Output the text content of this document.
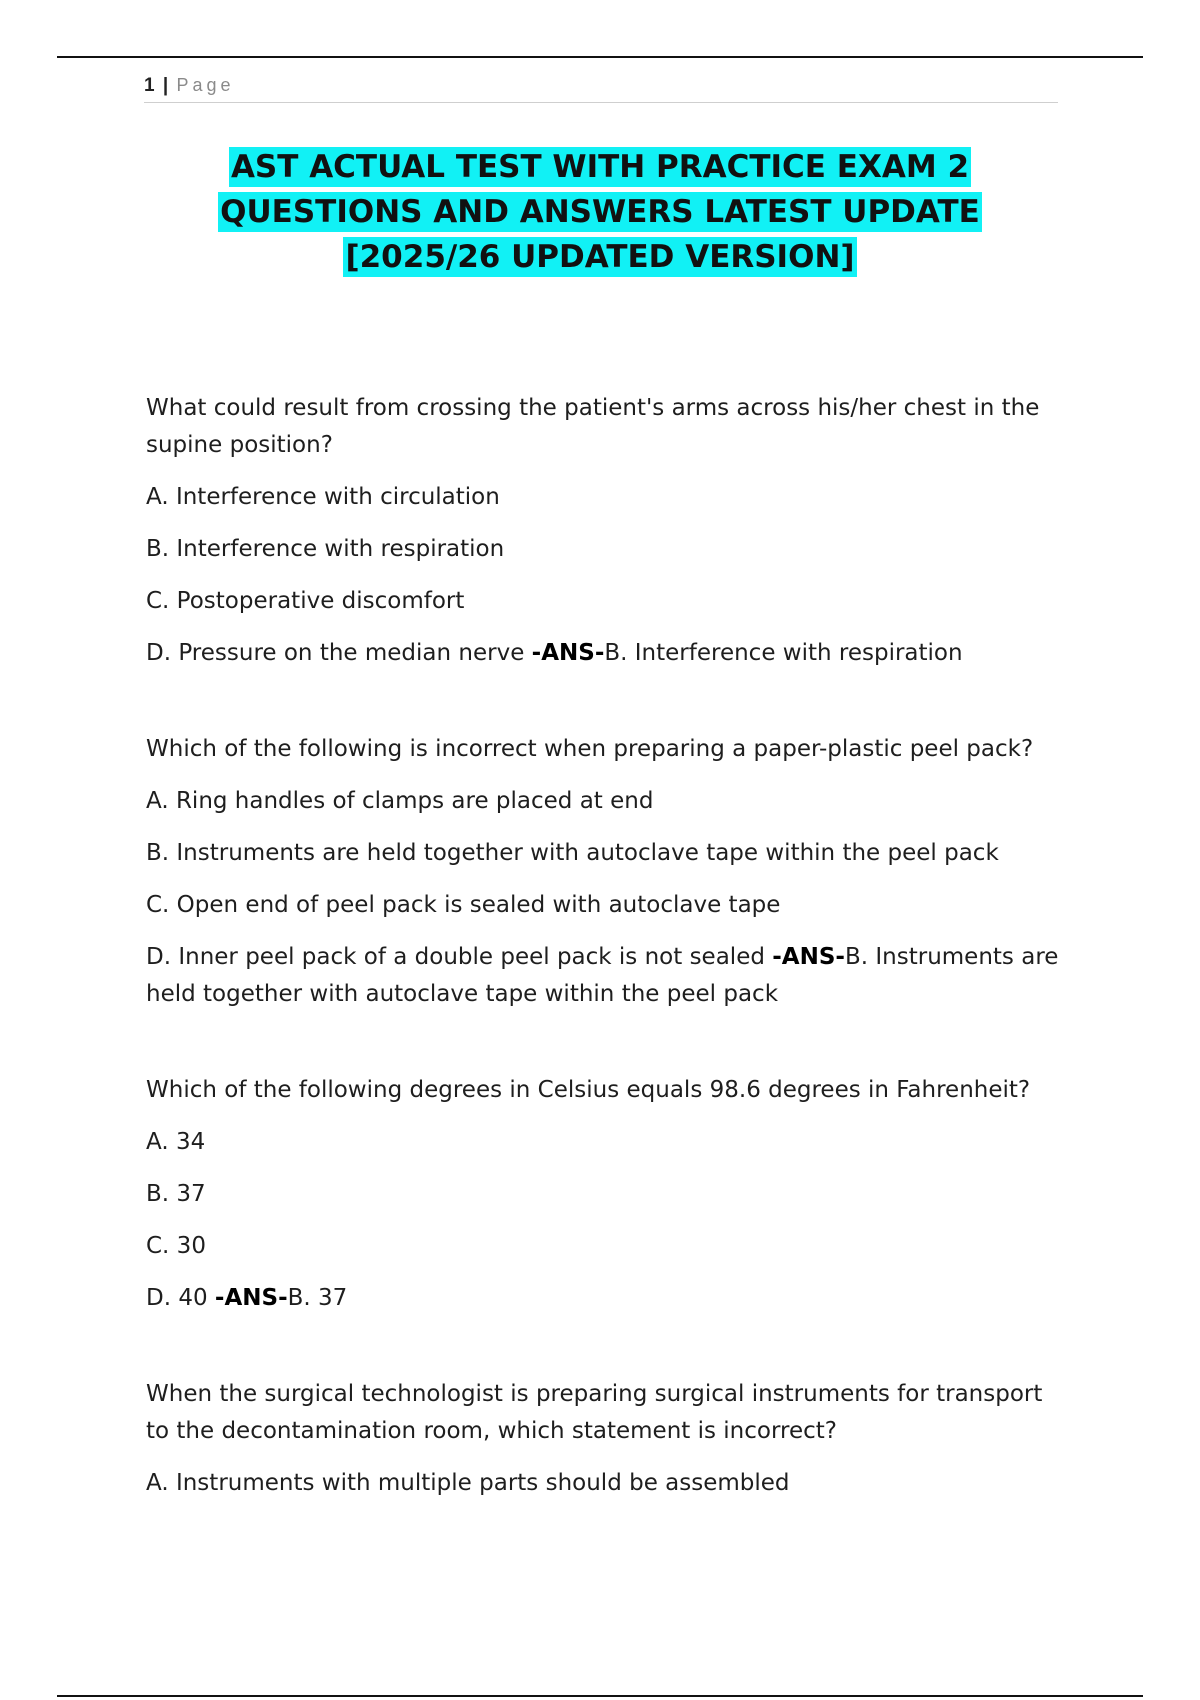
1 | Page
AST ACTUAL TEST WITH PRACTICE EXAM 2
QUESTIONS AND ANSWERS LATEST UPDATE
[2025/26 UPDATED VERSION]

What could result from crossing the patient's arms across his/her chest in the supine position?

A. Interference with circulation

B. Interference with respiration

C. Postoperative discomfort

D. Pressure on the median nerve -ANS-B. Interference with respiration

Which of the following is incorrect when preparing a paper-plastic peel pack?

A. Ring handles of clamps are placed at end

B. Instruments are held together with autoclave tape within the peel pack

C. Open end of peel pack is sealed with autoclave tape

D. Inner peel pack of a double peel pack is not sealed -ANS-B. Instruments are held together with autoclave tape within the peel pack

Which of the following degrees in Celsius equals 98.6 degrees in Fahrenheit?

A. 34

B. 37

C. 30

D. 40 -ANS-B. 37

When the surgical technologist is preparing surgical instruments for transport to the decontamination room, which statement is incorrect?

A. Instruments with multiple parts should be assembled
